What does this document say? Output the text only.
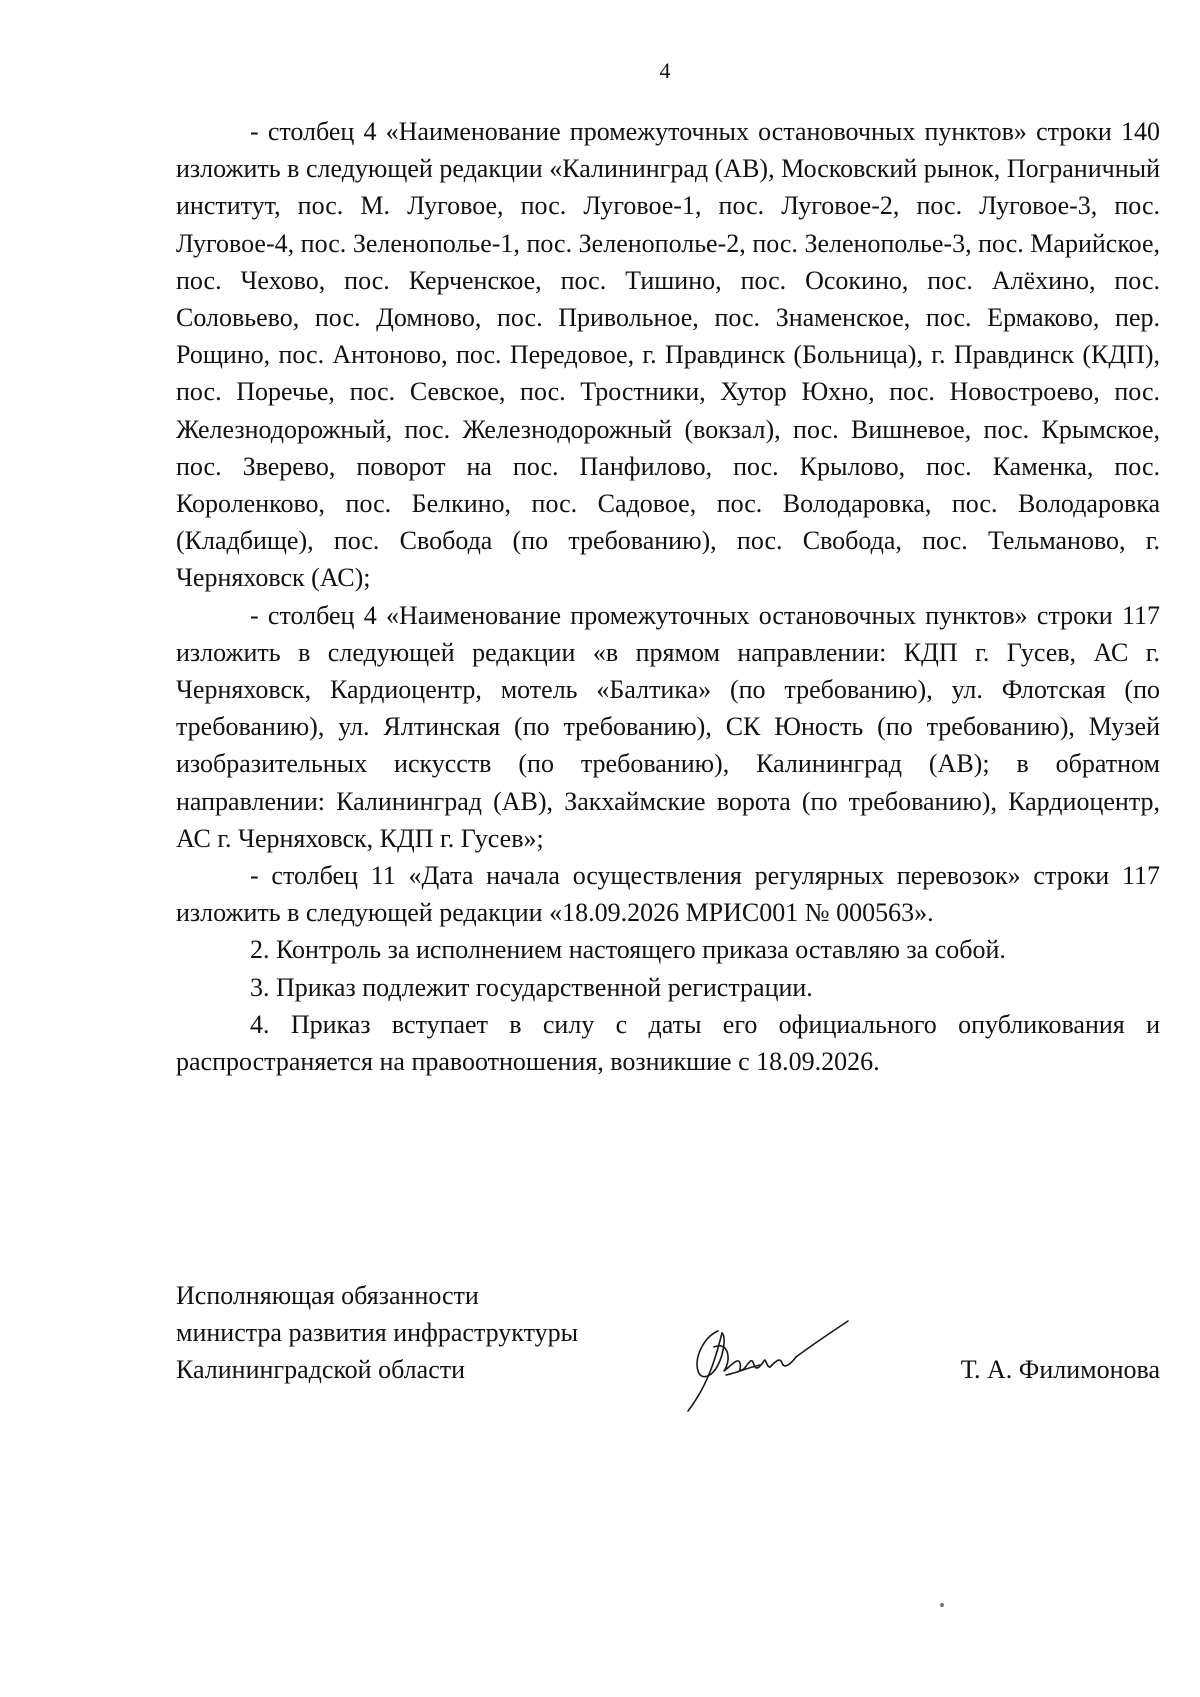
4

- столбец 4 «Наименование промежуточных остановочных пунктов» строки 140 изложить в следующей редакции «Калининград (АВ), Московский рынок, Пограничный институт, пос. М. Луговое, пос. Луговое-1, пос. Луговое-2, пос. Луговое-3, пос. Луговое-4, пос. Зеленополье-1, пос. Зеленополье-2, пос. Зеленополье-3, пос. Марийское, пос. Чехово, пос. Керченское, пос. Тишино, пос. Осокино, пос. Алёхино, пос. Соловьево, пос. Домново, пос. Привольное, пос. Знаменское, пос. Ермаково, пер. Рощино, пос. Антоново, пос. Передовое, г. Правдинск (Больница), г. Правдинск (КДП), пос. Поречье, пос. Севское, пос. Тростники, Хутор Юхно, пос. Новостроево, пос. Железнодорожный, пос. Железнодорожный (вокзал), пос. Вишневое, пос. Крымское, пос. Зверево, поворот на пос. Панфилово, пос. Крылово, пос. Каменка, пос. Короленково, пос. Белкино, пос. Садовое, пос. Володаровка, пос. Володаровка (Кладбище), пос. Свобода (по требованию), пос. Свобода, пос. Тельманово, г. Черняховск (АС);

- столбец 4 «Наименование промежуточных остановочных пунктов» строки 117 изложить в следующей редакции «в прямом направлении: КДП г. Гусев, АС г. Черняховск, Кардиоцентр, мотель «Балтика» (по требованию), ул. Флотская (по требованию), ул. Ялтинская (по требованию), СК Юность (по требованию), Музей изобразительных искусств (по требованию), Калининград (АВ); в обратном направлении: Калининград (АВ), Закхаймские ворота (по требованию), Кардиоцентр, АС г. Черняховск, КДП г. Гусев»;

- столбец 11 «Дата начала осуществления регулярных перевозок» строки 117 изложить в следующей редакции «18.09.2026 МРИС001 № 000563».

2. Контроль за исполнением настоящего приказа оставляю за собой.

3. Приказ подлежит государственной регистрации.

4. Приказ вступает в силу с даты его официального опубликования и распространяется на правоотношения, возникшие с 18.09.2026.

Исполняющая обязанности
министра развития инфраструктуры
Калининградской области	Т. А. Филимонова
